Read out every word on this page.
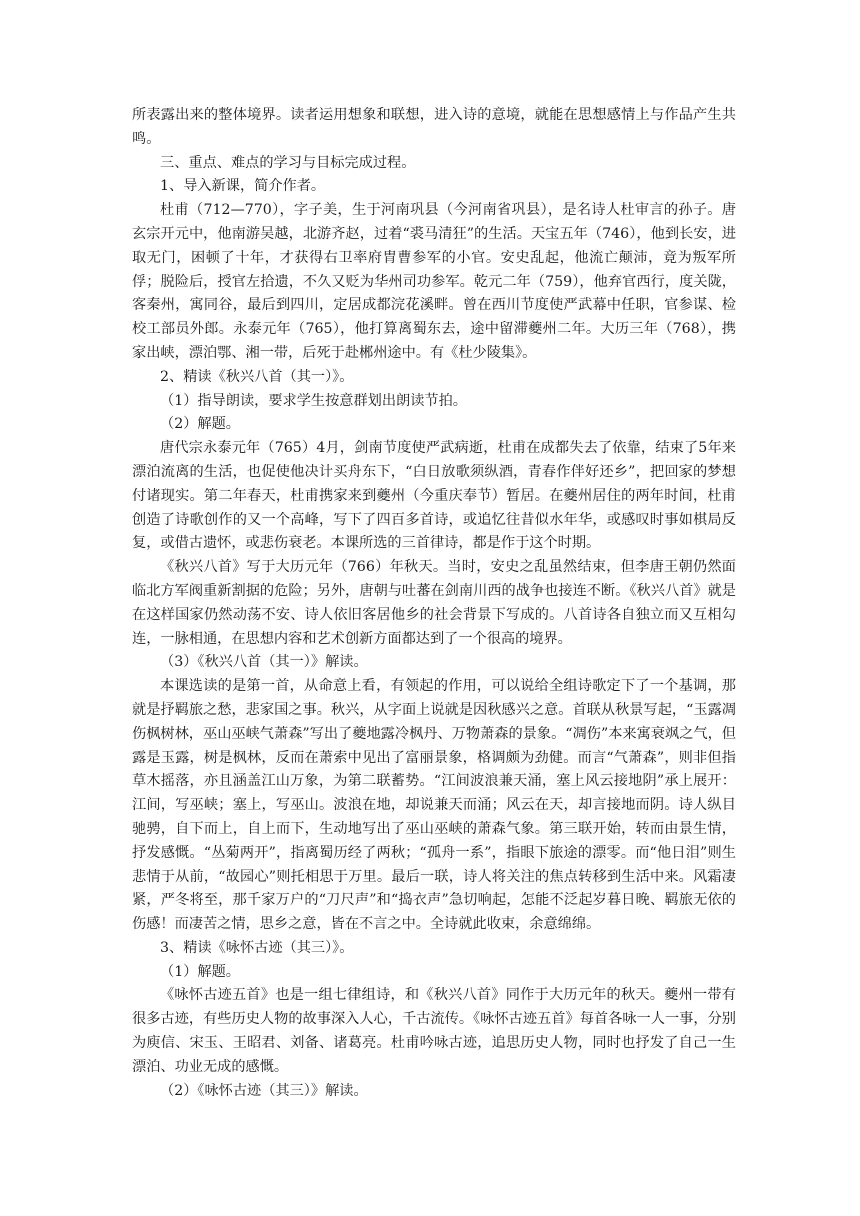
所表露出来的整体境界。读者运用想象和联想，进入诗的意境，就能在思想感情上与作品产生共鸣。

三、重点、难点的学习与目标完成过程。

1、导入新课，简介作者。

杜甫（712—770），字子美，生于河南巩县（今河南省巩县），是名诗人杜审言的孙子。唐玄宗开元中，他南游吴越，北游齐赵，过着“裘马清狂”的生活。天宝五年（746），他到长安，进取无门，困顿了十年，才获得右卫率府胄曹参军的小官。安史乱起，他流亡颠沛，竟为叛军所俘；脱险后，授官左拾遗，不久又贬为华州司功参军。乾元二年（759），他弃官西行，度关陇，客秦州，寓同谷，最后到四川，定居成都浣花溪畔。曾在西川节度使严武幕中任职，官参谋、检校工部员外郎。永泰元年（765），他打算离蜀东去，途中留滞夔州二年。大历三年（768），携家出峡，漂泊鄂、湘一带，后死于赴郴州途中。有《杜少陵集》。

2、精读《秋兴八首（其一）》。

（1）指导朗读，要求学生按意群划出朗读节拍。

（2）解题。

唐代宗永泰元年（765）4月，剑南节度使严武病逝，杜甫在成都失去了依靠，结束了5年来漂泊流离的生活，也促使他决计买舟东下，“白日放歌须纵酒，青春作伴好还乡”，把回家的梦想付诸现实。第二年春天，杜甫携家来到夔州（今重庆奉节）暂居。在夔州居住的两年时间，杜甫创造了诗歌创作的又一个高峰，写下了四百多首诗，或追忆往昔似水年华，或感叹时事如棋局反复，或借古遗怀，或悲伤衰老。本课所选的三首律诗，都是作于这个时期。

《秋兴八首》写于大历元年（766）年秋天。当时，安史之乱虽然结束，但李唐王朝仍然面临北方军阀重新割据的危险；另外，唐朝与吐蕃在剑南川西的战争也接连不断。《秋兴八首》就是在这样国家仍然动荡不安、诗人依旧客居他乡的社会背景下写成的。八首诗各自独立而又互相勾连，一脉相通，在思想内容和艺术创新方面都达到了一个很高的境界。

（3）《秋兴八首（其一）》解读。

本课选读的是第一首，从命意上看，有领起的作用，可以说给全组诗歌定下了一个基调，那就是抒羁旅之愁，悲家国之事。秋兴，从字面上说就是因秋感兴之意。首联从秋景写起，“玉露凋伤枫树林，巫山巫峡气萧森”写出了夔地露冷枫丹、万物萧森的景象。“凋伤”本来寓衰飒之气，但露是玉露，树是枫林，反而在萧索中见出了富丽景象，格调颇为劲健。而言“气萧森”，则非但指草木摇落，亦且涵盖江山万象，为第二联蓄势。“江间波浪兼天涌，塞上风云接地阴”承上展开：江间，写巫峡；塞上，写巫山。波浪在地，却说兼天而涌；风云在天，却言接地而阴。诗人纵目驰骋，自下而上，自上而下，生动地写出了巫山巫峡的萧森气象。第三联开始，转而由景生情，抒发感慨。“丛菊两开”，指离蜀历经了两秋；“孤舟一系”，指眼下旅途的漂零。而“他日泪”则生悲情于从前，“故园心”则托相思于万里。最后一联，诗人将关注的焦点转移到生活中来。风霜凄紧，严冬将至，那千家万户的“刀尺声”和“捣衣声”急切响起，怎能不泛起岁暮日晚、羁旅无依的伤感！而凄苦之情，思乡之意，皆在不言之中。全诗就此收束，余意绵绵。

3、精读《咏怀古迹（其三）》。

（1）解题。

《咏怀古迹五首》也是一组七律组诗，和《秋兴八首》同作于大历元年的秋天。夔州一带有很多古迹，有些历史人物的故事深入人心，千古流传。《咏怀古迹五首》每首各咏一人一事，分别为庾信、宋玉、王昭君、刘备、诸葛亮。杜甫吟咏古迹，追思历史人物，同时也抒发了自己一生漂泊、功业无成的感慨。

（2）《咏怀古迹（其三）》解读。
